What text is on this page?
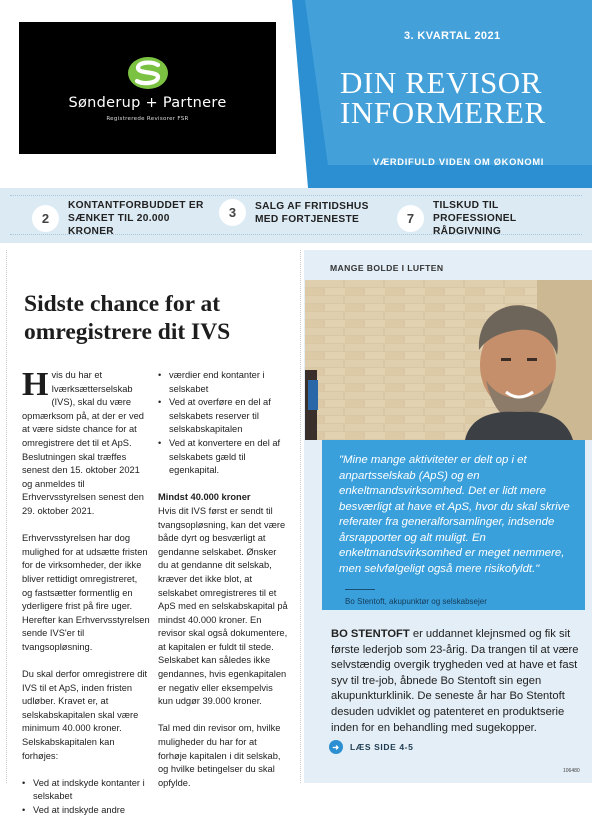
Sønderup + Partnere
Registrerede Revisorer FSR
3. KVARTAL 2021
DIN REVISOR
INFORMERER
VÆRDIFULD VIDEN OM ØKONOMI
2
KONTANTFORBUDDET ER SÆNKET TIL 20.000 KRONER
3	SALG AF FRITIDSHUS MED FORTJENESTE	7
TILSKUD TIL PROFESSIONEL RÅDGIVNING
Sidste chance for at omregistrere dit IVS

Hvis du har et Iværksætterselskab (IVS), skal du være opmærksom på, at der er ved at være sidste chance for at omregistrere det til et ApS. Beslutningen skal træffes senest den 15. oktober 2021 og anmeldes til Erhvervsstyrelsen senest den 29. oktober 2021.

Erhvervsstyrelsen har dog mulighed for at udsætte fristen for de virksomheder, der ikke bliver rettidigt omregistreret, og fastsætter formentlig en yderligere frist på fire uger. Herefter kan Erhvervsstyrelsen sende IVS'er til tvangsopløsning.

Du skal derfor omregistrere dit IVS til et ApS, inden fristen udløber. Kravet er, at selskabskapitalen skal være minimum 40.000 kroner. Selskabskapitalen kan forhøjes:

• Ved at indskyde kontanter i selskabet
• Ved at indskyde andre
• værdier end kontanter i selskabet
• Ved at overføre en del af selskabets reserver til selskabskapitalen
• Ved at konvertere en del af selskabets gæld til egenkapital.
Mindst 40.000 kroner

Hvis dit IVS først er sendt til tvangsopløsning, kan det være både dyrt og besværligt at gendanne selskabet. Ønsker du at gendanne dit selskab, kræver det ikke blot, at selskabet omregistreres til et ApS med en selskabskapital på mindst 40.000 kroner. En revisor skal også dokumentere, at kapitalen er fuldt til stede. Selskabet kan således ikke gendannes, hvis egenkapitalen er negativ eller eksempelvis kun udgør 39.000 kroner.

Tal med din revisor om, hvilke muligheder du har for at forhøje kapitalen i dit selskab, og hvilke betingelser du skal opfylde.

MANGE BOLDE I LUFTEN
"Mine mange aktiviteter er delt op i et anpartsselskab (ApS) og en enkeltmandsvirksomhed. Det er lidt mere besværligt at have et ApS, hvor du skal skrive referater fra generalforsamlinger, indsende årsrapporter og alt muligt. En enkeltmandsvirksomhed er meget nemmere, men selvfølgeligt også mere risikofyldt."
Bo Stentoft, akupunktør og selskabsejer
BO STENTOFT er uddannet klejnsmed og fik sit første lederjob som 23-årig. Da trangen til at være selvstændig overgik trygheden ved at have et fast syv til tre-job, åbnede Bo Stentoft sin egen akupunkturklinik. De seneste år har Bo Stentoft desuden udviklet og patenteret en produktserie inden for en behandling med sugekopper.
➜	LÆS SIDE 4-5
106480
